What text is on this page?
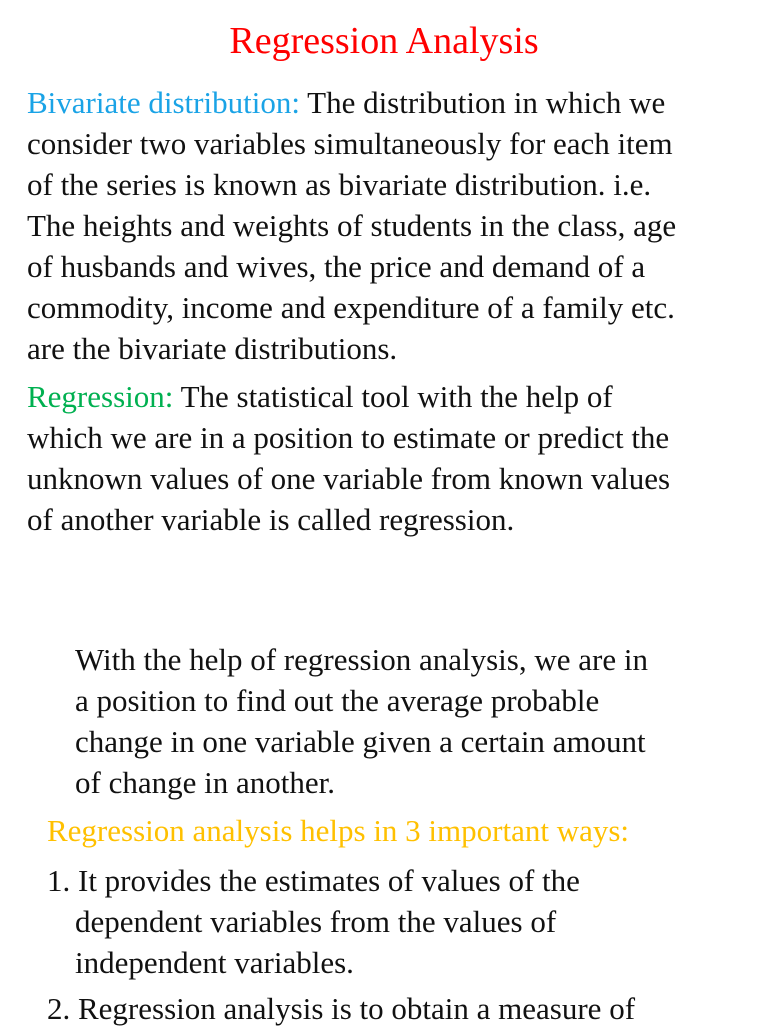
Regression Analysis
Bivariate distribution: The distribution in which we
consider two variables simultaneously for each item
of the series is known as bivariate distribution. i.e.
The heights and weights of students in the class, age
of husbands and wives, the price and demand of a
commodity, income and expenditure of a family etc.
are the bivariate distributions.
Regression: The statistical tool with the help of
which we are in a position to estimate or predict the
unknown values of one variable from known values
of another variable is called regression.
With the help of regression analysis, we are in
a position to find out the average probable
change in one variable given a certain amount
of change in another.
Regression analysis helps in 3 important ways:
1. It provides the estimates of values of the
dependent variables from the values of
independent variables.
2. Regression analysis is to obtain a measure of
